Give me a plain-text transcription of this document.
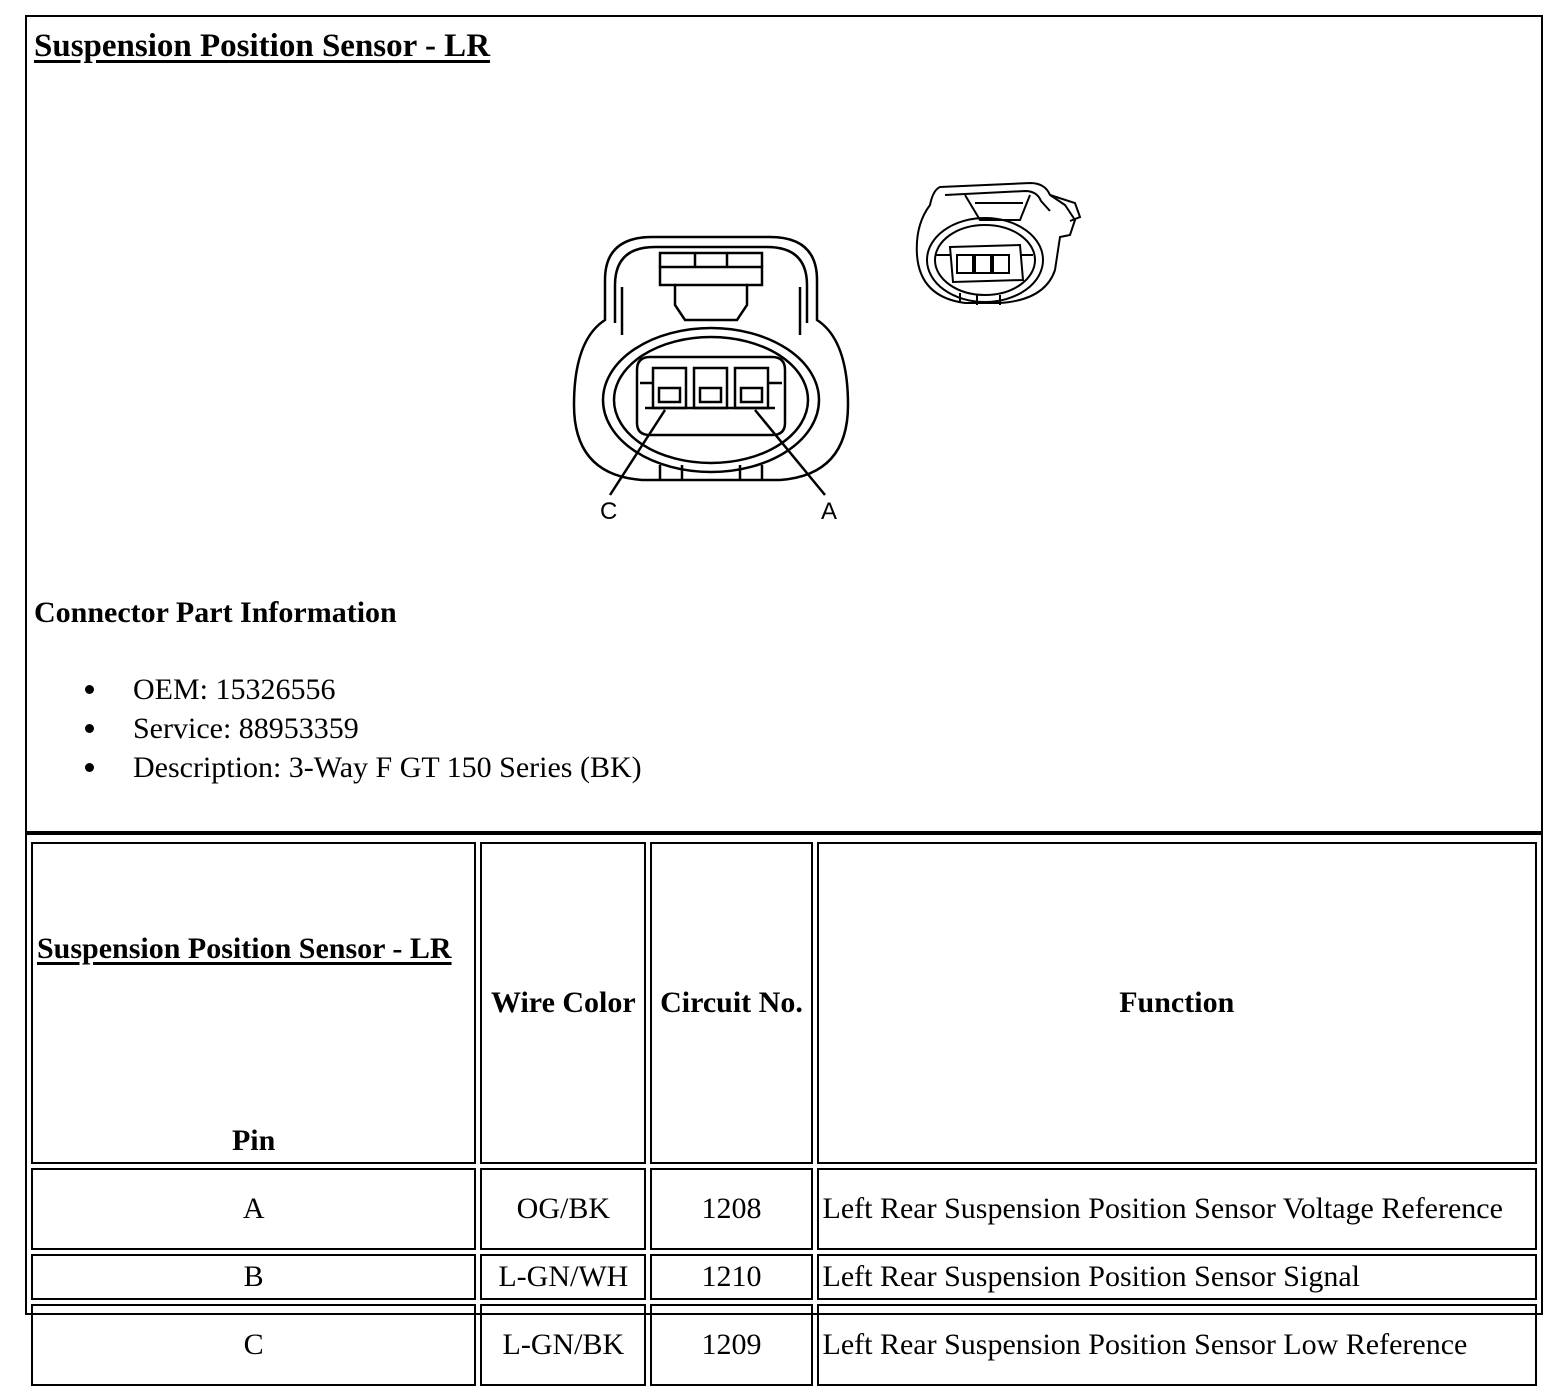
Suspension Position Sensor - LR
C	A
Connector Part Information
OEM: 15326556
Service: 88953359
Description: 3-Way F GT 150 Series (BK)
Suspension Position Sensor - LR
Pin	Wire Color	Circuit No.	Function
A	OG/BK	1208	Left Rear Suspension Position Sensor Voltage Reference
B	L-GN/WH	1210	Left Rear Suspension Position Sensor Signal
C	L-GN/BK	1209	Left Rear Suspension Position Sensor Low Reference
